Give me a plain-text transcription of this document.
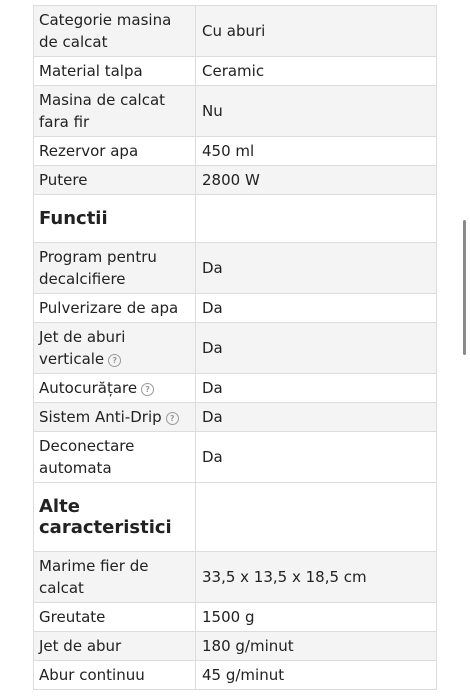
Categorie masina de calcat	Cu aburi
Material talpa	Ceramic
Masina de calcat fara fir	Nu
Rezervor apa	450 ml
Putere	2800 W
Functii	
Program pentru decalcifiere	Da
Pulverizare de apa	Da
Jet de aburi verticale ?	Da
Autocurățare ?	Da
Sistem Anti-Drip ?	Da
Deconectare automata	Da
Alte caracteristici	
Marime fier de calcat	33,5 x 13,5 x 18,5 cm
Greutate	1500 g
Jet de abur	180 g/minut
Abur continuu	45 g/minut
